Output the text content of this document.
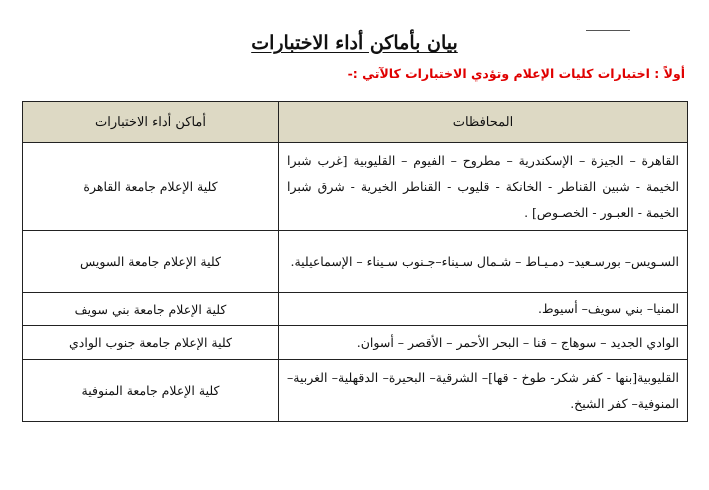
بيان بأماكن أداء الاختبارات
أولاً : اختبارات كليات الإعلام وتؤدي الاختبارات كالآتي :-
المحافظات	أماكن أداء الاختبارات
القاهرة – الجيزة – الإسكندرية – مطروح – الفيوم – القليوبية [غرب شبرا الخيمة - شبين القناطر - الخانكة - قليوب - القناطر الخيرية - شرق شبرا الخيمة - العبـور - الخصـوص] .	كلية الإعلام جامعة القاهرة
السـويس– بورسـعيد– دمـيـاط – شـمال سـيناء–جـنوب سـيناء – الإسماعيلية.	كلية الإعلام جامعة السويس
المنيا– بني سويف– أسيوط.	كلية الإعلام جامعة بني سويف
الوادي الجديد – سوهاج – قنا – البحر الأحمر – الأقصر – أسوان.	كلية الإعلام جامعة جنوب الوادي
القليوبية[بنها - كفر شكر- طوخ - قها]– الشرقية– البحيرة– الدقهلية– الغربية– المنوفية– كفر الشيخ.	كلية الإعلام جامعة المنوفية
